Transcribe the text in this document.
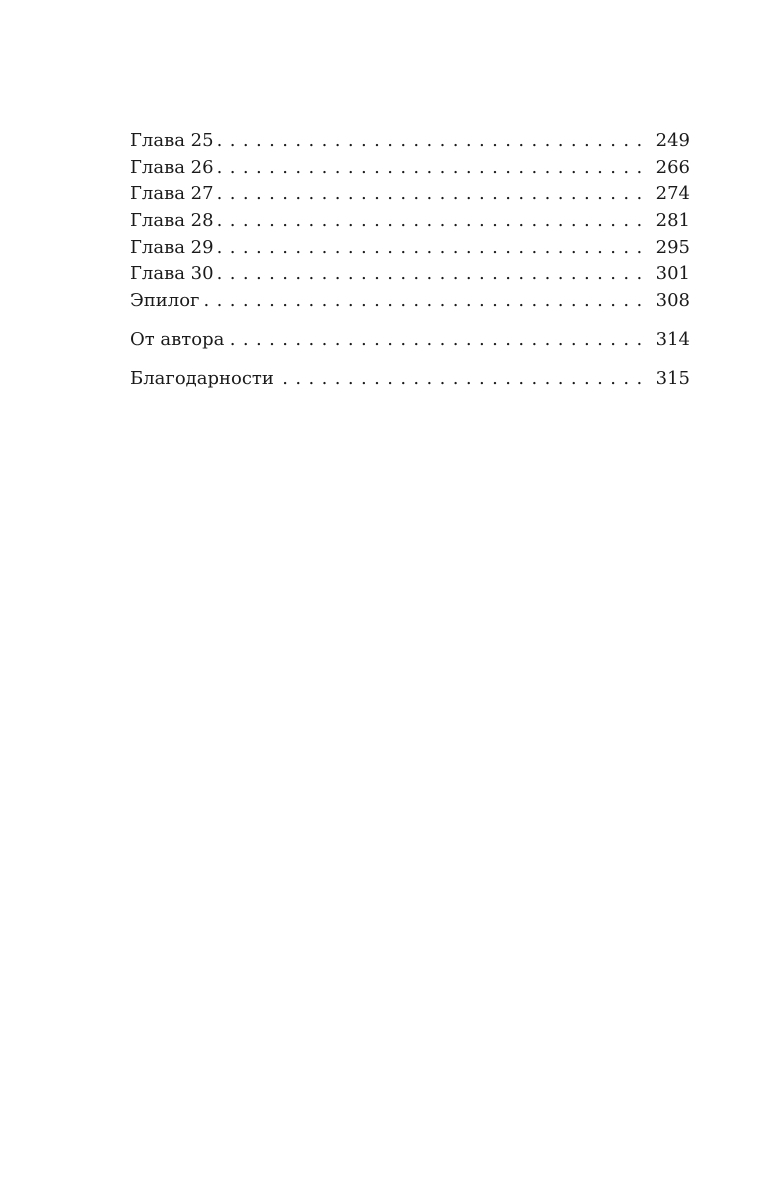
Глава 25 .....	249
Глава 26 .....	266
Глава 27 .....	274
Глава 28 .....	281
Глава 29 .....	295
Глава 30 .....	301
Эпилог .....	308
От автора .....	314
Благодарности .....	315
